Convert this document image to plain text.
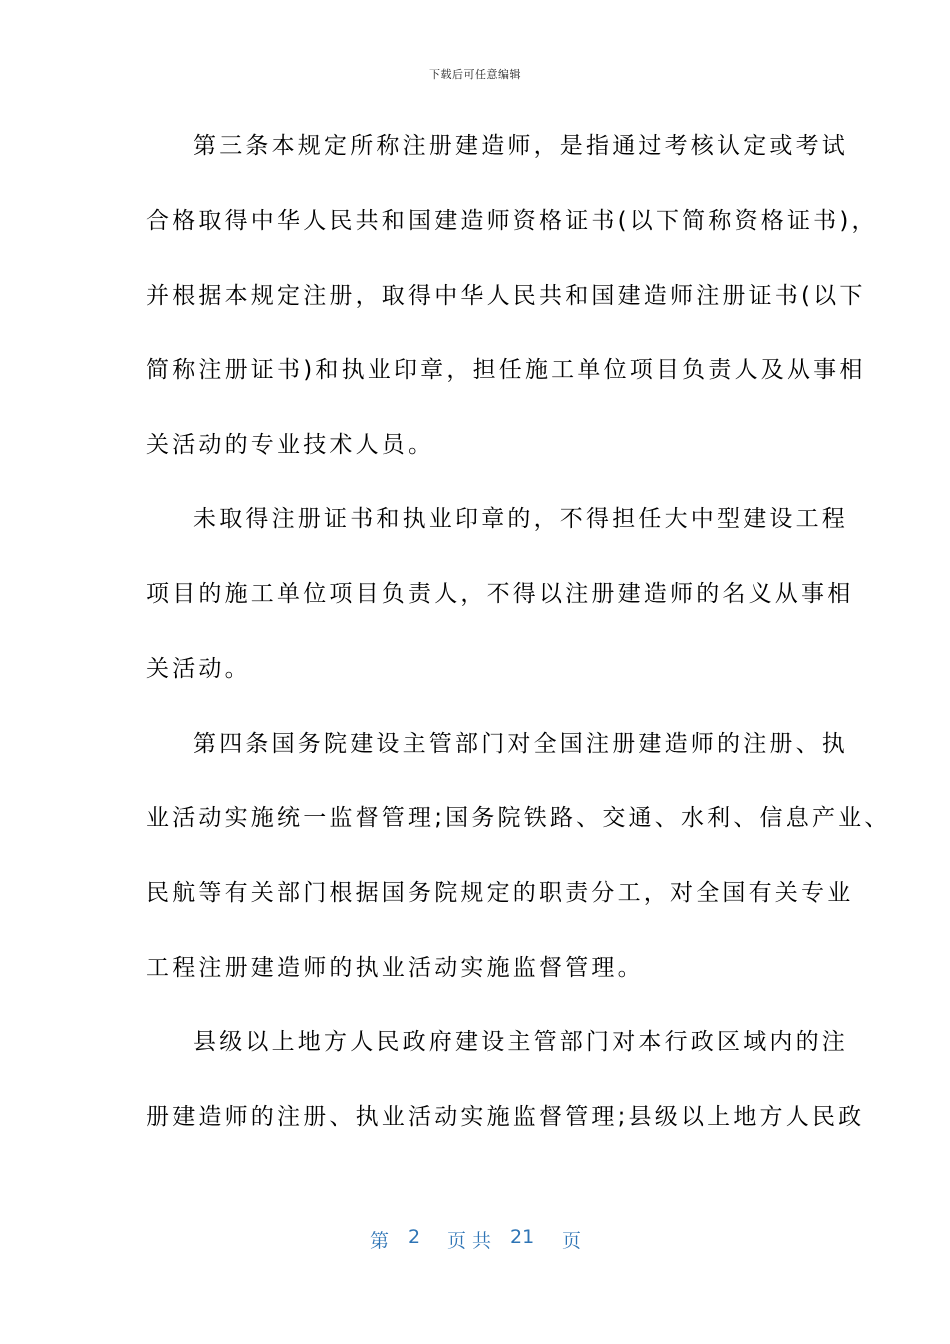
下载后可任意编辑
第三条本规定所称注册建造师，是指通过考核认定或考试
合格取得中华人民共和国建造师资格证书(以下简称资格证书)，
并根据本规定注册，取得中华人民共和国建造师注册证书(以下
简称注册证书)和执业印章，担任施工单位项目负责人及从事相
关活动的专业技术人员。
未取得注册证书和执业印章的，不得担任大中型建设工程
项目的施工单位项目负责人，不得以注册建造师的名义从事相
关活动。
第四条国务院建设主管部门对全国注册建造师的注册、执
业活动实施统一监督管理;国务院铁路、交通、水利、信息产业、
民航等有关部门根据国务院规定的职责分工，对全国有关专业
工程注册建造师的执业活动实施监督管理。
县级以上地方人民政府建设主管部门对本行政区域内的注
册建造师的注册、执业活动实施监督管理;县级以上地方人民政
第 2 页 共 21 页
